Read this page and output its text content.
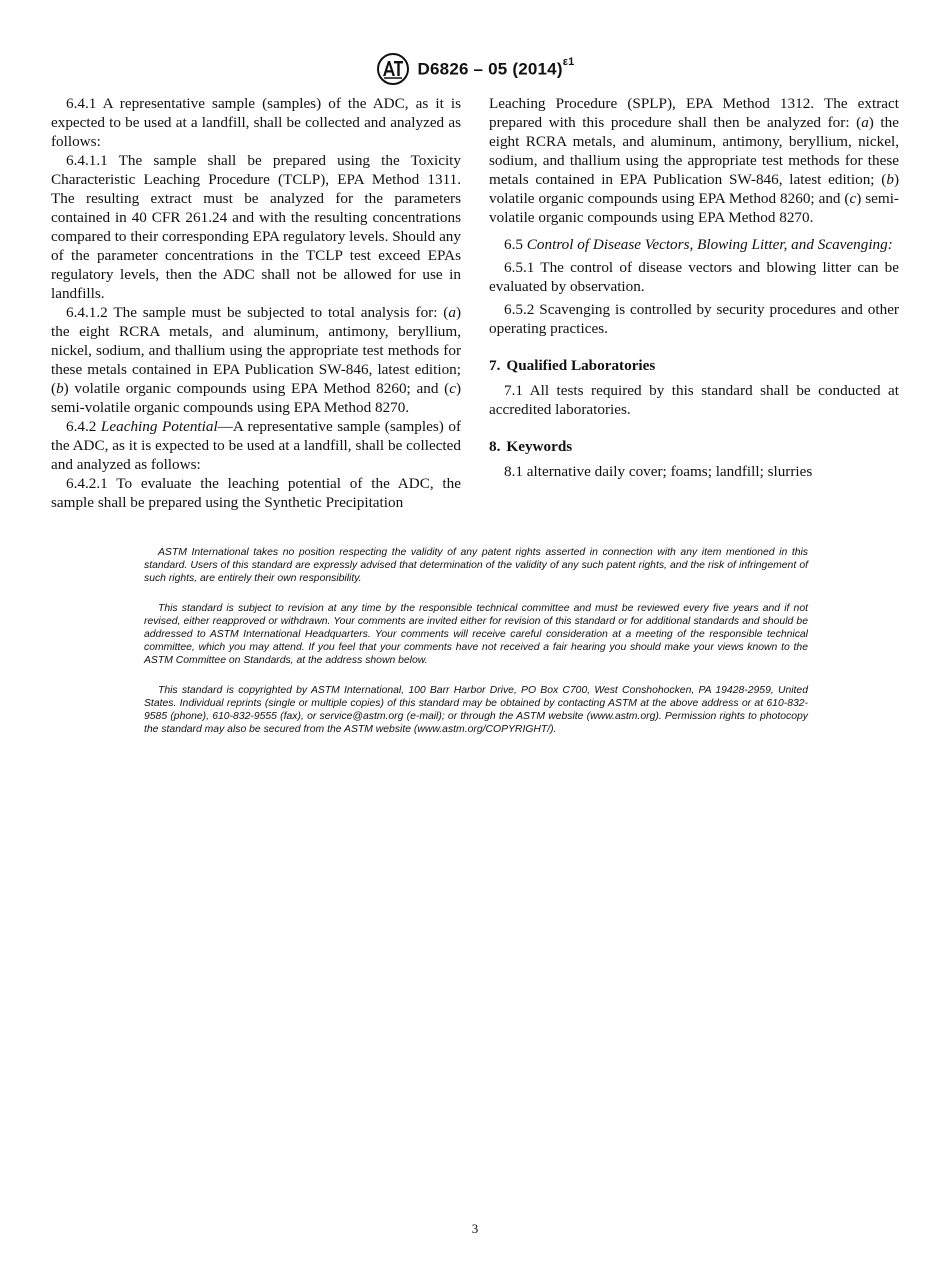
D6826 – 05 $(2014)^{\varepsilon 1}$

6.4.1 A representative sample (samples) of the ADC, as it is expected to be used at a landfill, shall be collected and analyzed as follows:

6.4.1.1 The sample shall be prepared using the Toxicity Characteristic Leaching Procedure (TCLP), EPA Method 1311. The resulting extract must be analyzed for the parameters contained in 40 CFR 261.24 and with the resulting concentrations compared to their corresponding EPA regulatory levels. Should any of the parameter concentrations in the TCLP test exceed EPAs regulatory levels, then the ADC shall not be allowed for use in landfills.

6.4.1.2 The sample must be subjected to total analysis for: (a) the eight RCRA metals, and aluminum, antimony, beryllium, nickel, sodium, and thallium using the appropriate test methods for these metals contained in EPA Publication SW-846, latest edition; (b) volatile organic compounds using EPA Method 8260; and (c) semi-volatile organic compounds using EPA Method 8270.

6.4.2 Leaching Potential—A representative sample (samples) of the ADC, as it is expected to be used at a landfill, shall be collected and analyzed as follows:

6.4.2.1 To evaluate the leaching potential of the ADC, the sample shall be prepared using the Synthetic Precipitation

Leaching Procedure (SPLP), EPA Method 1312. The extract prepared with this procedure shall then be analyzed for: (a) the eight RCRA metals, and aluminum, antimony, beryllium, nickel, sodium, and thallium using the appropriate test methods for these metals contained in EPA Publication SW-846, latest edition; (b) volatile organic compounds using EPA Method 8260; and (c) semi-volatile organic compounds using EPA Method 8270.

6.5 Control of Disease Vectors, Blowing Litter, and Scavenging:

6.5.1 The control of disease vectors and blowing litter can be evaluated by observation.

6.5.2 Scavenging is controlled by security procedures and other operating practices.

7. Qualified Laboratories

7.1 All tests required by this standard shall be conducted at accredited laboratories.

8. Keywords

8.1 alternative daily cover; foams; landfill; slurries

ASTM International takes no position respecting the validity of any patent rights asserted in connection with any item mentioned in this standard. Users of this standard are expressly advised that determination of the validity of any such patent rights, and the risk of infringement of such rights, are entirely their own responsibility.

This standard is subject to revision at any time by the responsible technical committee and must be reviewed every five years and if not revised, either reapproved or withdrawn. Your comments are invited either for revision of this standard or for additional standards and should be addressed to ASTM International Headquarters. Your comments will receive careful consideration at a meeting of the responsible technical committee, which you may attend. If you feel that your comments have not received a fair hearing you should make your views known to the ASTM Committee on Standards, at the address shown below.

This standard is copyrighted by ASTM International, 100 Barr Harbor Drive, PO Box C700, West Conshohocken, PA 19428-2959, United States. Individual reprints (single or multiple copies) of this standard may be obtained by contacting ASTM at the above address or at 610-832-9585 (phone), 610-832-9555 (fax), or service@astm.org (e-mail); or through the ASTM website (www.astm.org). Permission rights to photocopy the standard may also be secured from the ASTM website (www.astm.org/COPYRIGHT/).

3
